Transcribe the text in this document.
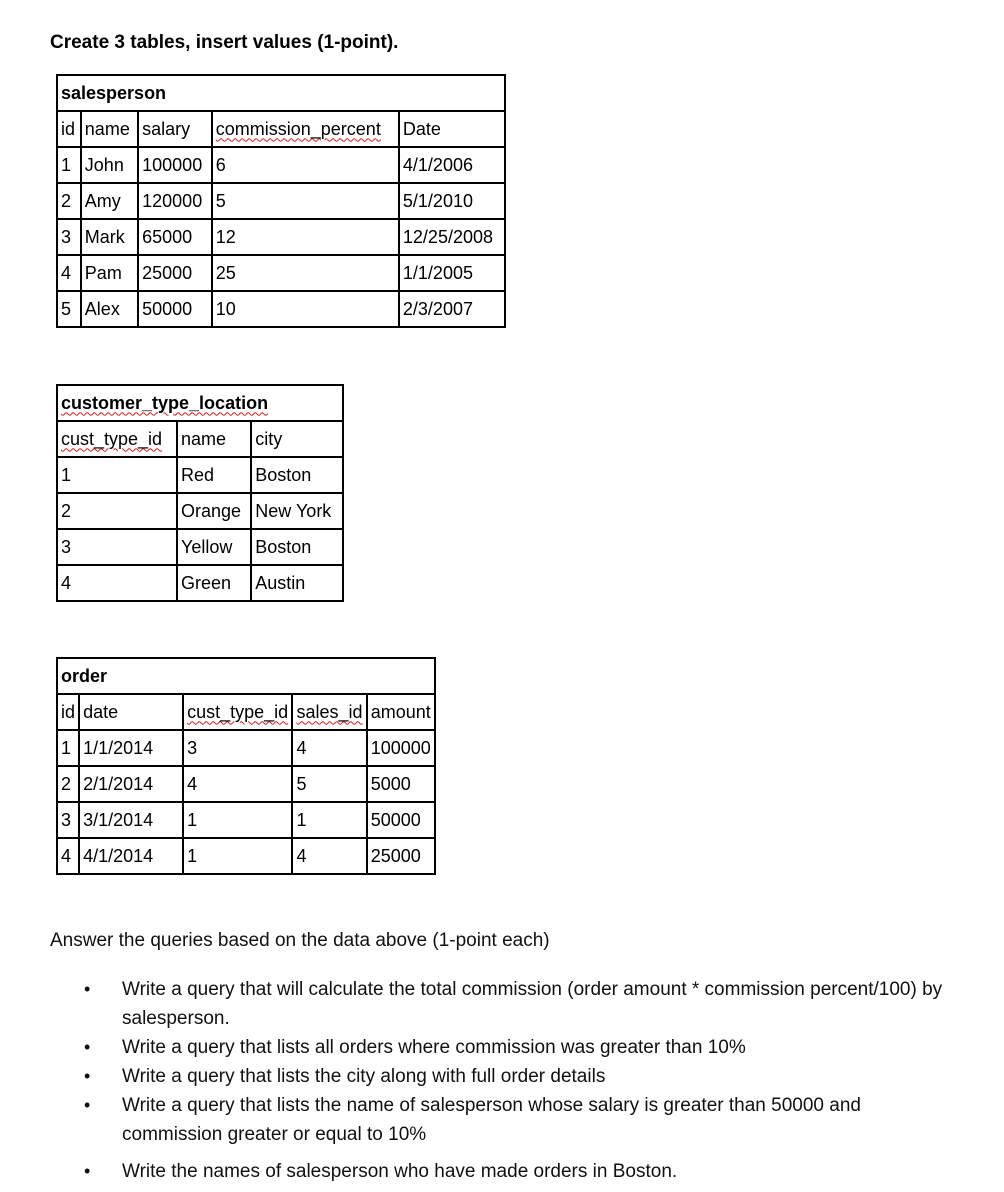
Create 3 tables, insert values (1-point).

salesperson				
id	name	salary	commission_percent	Date
1	John	100000	6	4/1/2006
2	Amy	120000	5	5/1/2010
3	Mark	65000	12	12/25/2008
4	Pam	25000	25	1/1/2005
5	Alex	50000	10	2/3/2007
customer_type_location		
cust_type_id	name	city
1	Red	Boston
2	Orange	New York
3	Yellow	Boston
4	Green	Austin
order				
id	date	cust_type_id	sales_id	amount
1	1/1/2014	3	4	100000
2	2/1/2014	4	5	5000
3	3/1/2014	1	1	50000
4	4/1/2014	1	4	25000

Answer the queries based on the data above (1-point each)

• Write a query that will calculate the total commission (order amount * commission percent/100) by salesperson.
• Write a query that lists all orders where commission was greater than 10%
• Write a query that lists the city along with full order details
• Write a query that lists the name of salesperson whose salary is greater than 50000 and commission greater or equal to 10%
• Write the names of salesperson who have made orders in Boston.
